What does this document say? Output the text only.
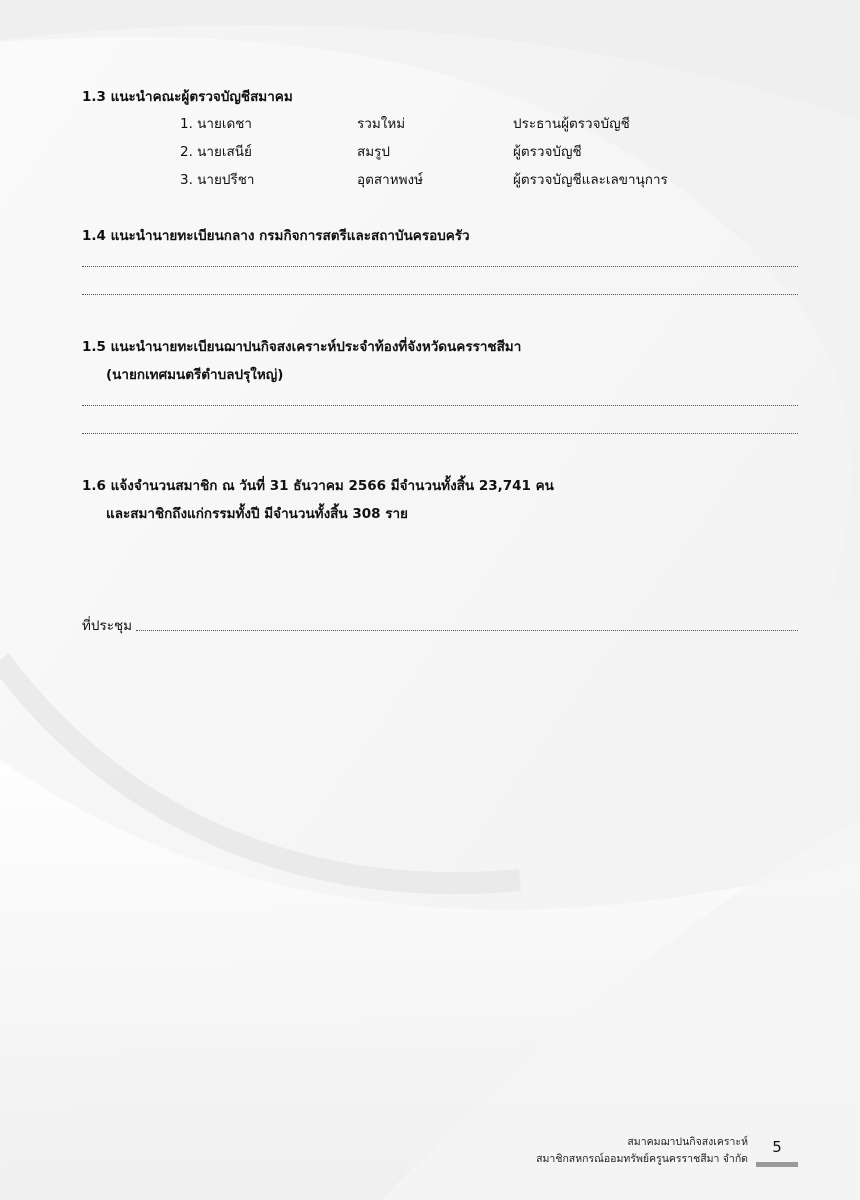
1.3 แนะนำคณะผู้ตรวจบัญชีสมาคม
1. นายเดชา	รวมใหม่	ประธานผู้ตรวจบัญชี
2. นายเสนีย์	สมรูป	ผู้ตรวจบัญชี
3. นายปรีชา	อุตสาหพงษ์	ผู้ตรวจบัญชีและเลขานุการ
1.4 แนะนำนายทะเบียนกลาง กรมกิจการสตรีและสถาบันครอบครัว
1.5 แนะนำนายทะเบียนฌาปนกิจสงเคราะห์ประจำท้องที่จังหวัดนครราชสีมา
(นายกเทศมนตรีตำบลปรุใหญ่)
1.6 แจ้งจำนวนสมาชิก ณ วันที่ 31 ธันวาคม 2566 มีจำนวนทั้งสิ้น 23,741 คน
และสมาชิกถึงแก่กรรมทั้งปี มีจำนวนทั้งสิ้น 308 ราย
ที่ประชุม
สมาคมฌาปนกิจสงเคราะห์
สมาชิกสหกรณ์ออมทรัพย์ครูนครราชสีมา จำกัด
5
